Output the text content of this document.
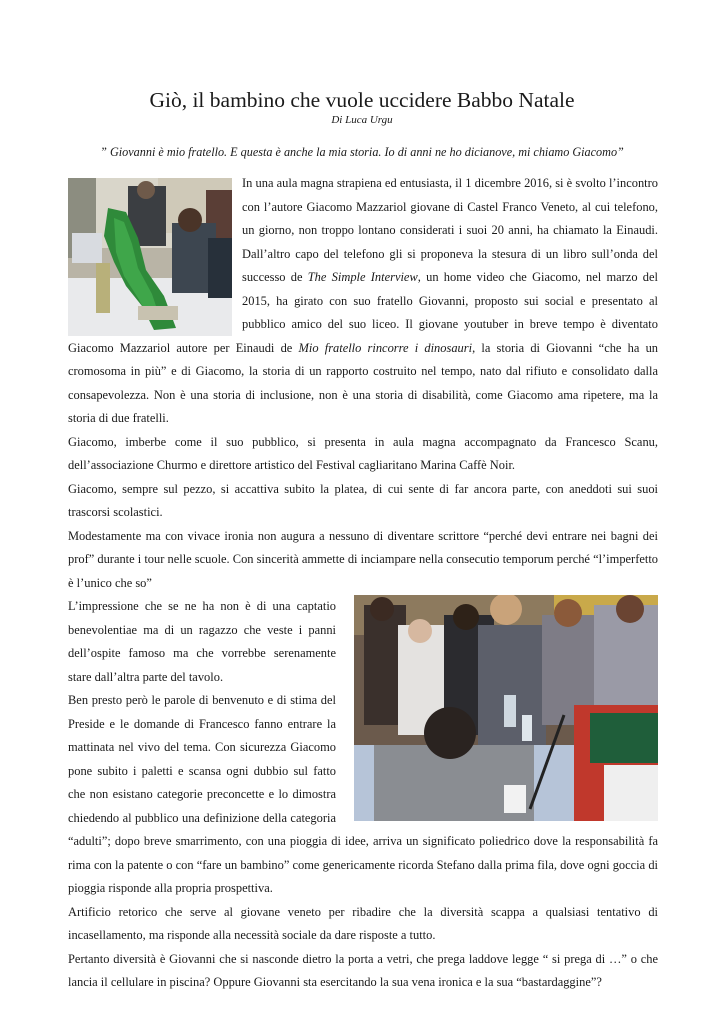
Giò, il bambino che vuole uccidere Babbo Natale
Di Luca Urgu
” Giovanni è mio fratello. E questa è anche la mia storia. Io di anni ne ho dicianove, mi chiamo Giacomo”

In una aula magna strapiena ed entusiasta, il 1 dicembre 2016, si è svolto l’incontro con l’autore Giacomo Mazzariol giovane di Castel Franco Veneto, al cui telefono, un giorno, non troppo lontano considerati i suoi 20 anni, ha chiamato la Einaudi. Dall’altro capo del telefono gli si proponeva la stesura di un libro sull’onda del successo de The Simple Interview, un home video che Giacomo, nel marzo del 2015, ha girato con suo fratello Giovanni, proposto sui social e presentato al pubblico amico del suo liceo. Il giovane youtuber in breve tempo è diventato Giacomo Mazzariol autore per Einaudi de Mio fratello rincorre i dinosauri, la storia di Giovanni “che ha un cromosoma in più” e di Giacomo, la storia di un rapporto costruito nel tempo, nato dal rifiuto e consolidato dalla consapevolezza. Non è una storia di inclusione, non è una storia di disabilità, come Giacomo ama ripetere, ma la storia di due fratelli.

Giacomo, imberbe come il suo pubblico, si presenta in aula magna accompagnato da Francesco Scanu, dell’associazione Churmo e direttore artistico del Festival cagliaritano Marina Caffè Noir.

Giacomo, sempre sul pezzo, si accattiva subito la platea, di cui sente di far ancora parte, con aneddoti sui suoi trascorsi scolastici.

Modestamente ma con vivace ironia non augura a nessuno di diventare scrittore “perché devi entrare nei bagni dei prof” durante i tour nelle scuole. Con sincerità ammette di inciampare nella consecutio temporum perché “l’imperfetto è l’unico che so”

L’impressione che se ne ha non è di una captatio benevolentiae ma di un ragazzo che veste i panni dell’ospite famoso ma che vorrebbe serenamente stare dall’altra parte del tavolo.

Ben presto però le parole di benvenuto e di stima del Preside e le domande di Francesco fanno entrare la mattinata nel vivo del tema. Con sicurezza Giacomo pone subito i paletti e scansa ogni dubbio sul fatto che non esistano categorie preconcette e lo dimostra chiedendo al pubblico una definizione della categoria “adulti”; dopo breve smarrimento, con una pioggia di idee, arriva un significato poliedrico dove la responsabilità fa rima con la patente o con “fare un bambino” come genericamente ricorda Stefano dalla prima fila, dove ogni goccia di pioggia risponde alla propria prospettiva.

Artificio retorico che serve al giovane veneto per ribadire che la diversità scappa a qualsiasi tentativo di incasellamento, ma risponde alla necessità sociale da dare risposte a tutto.

Pertanto diversità è Giovanni che si nasconde dietro la porta a vetri, che prega laddove legge “ si prega di …” o che lancia il cellulare in piscina? Oppure Giovanni sta esercitando la sua vena ironica e la sua “bastardaggine”?
